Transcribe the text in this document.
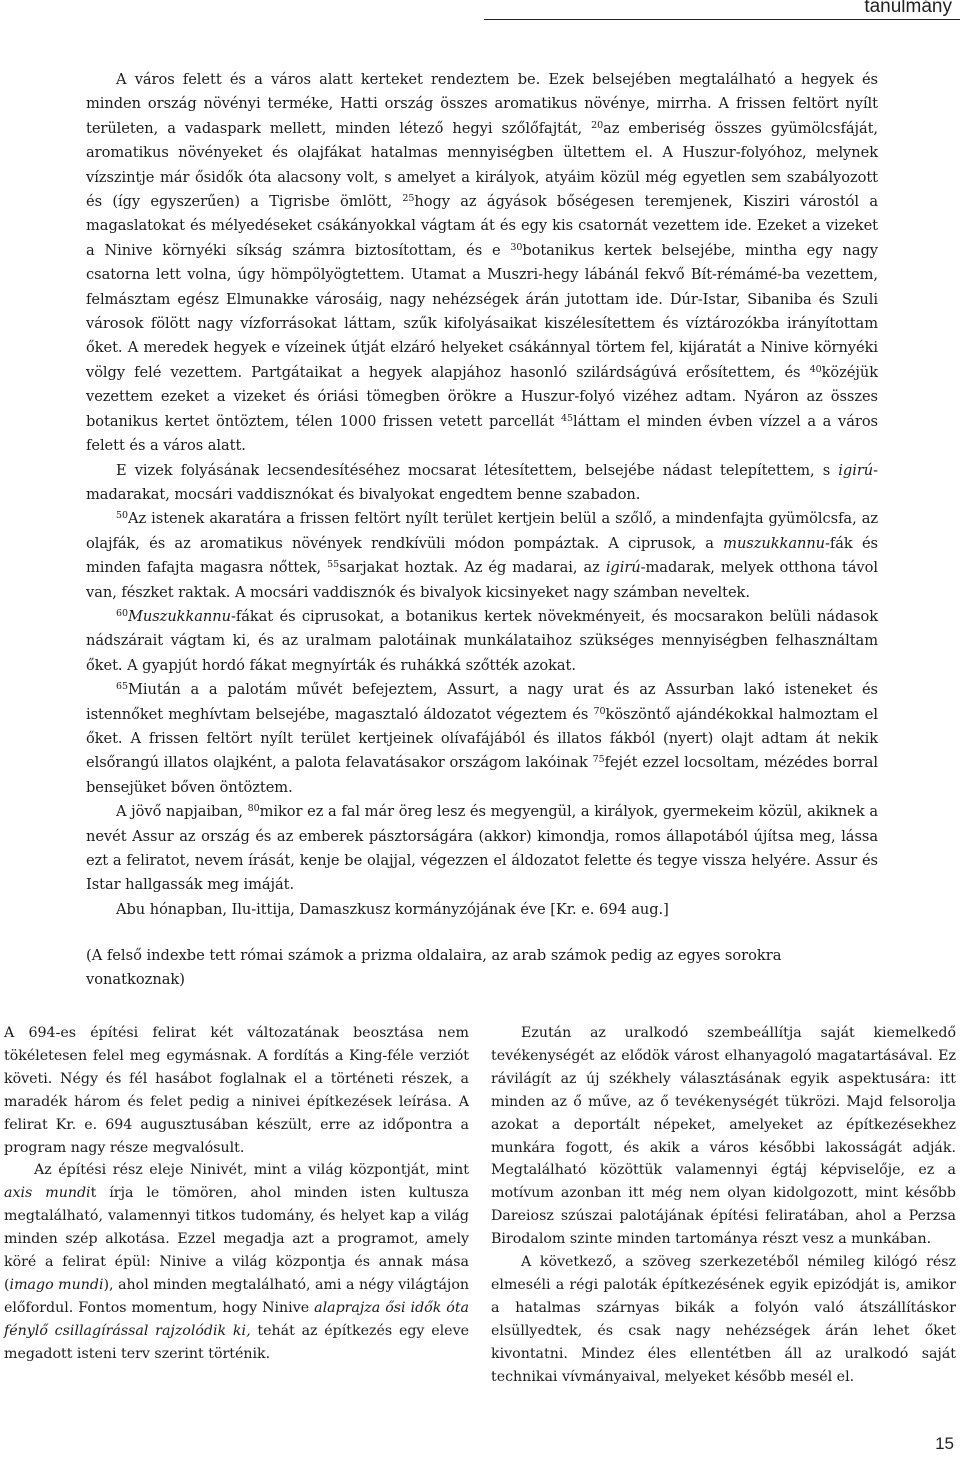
tanulmány

A város felett és a város alatt kerteket rendeztem be. Ezek belsejében megtalálható a hegyek és minden ország növényi terméke, Hatti ország összes aromatikus növénye, mirrha. A frissen feltört nyílt területen, a vadaspark mellett, minden létező hegyi szőlőfajtát, $^{20}$az emberiség összes gyümölcsfáját, aromatikus növényeket és olajfákat hatalmas mennyiségben ültettem el. A Huszur-folyóhoz, melynek vízszintje már ősidők óta alacsony volt, s amelyet a királyok, atyáim közül még egyetlen sem szabályozott és (így egyszerűen) a Tigrisbe ömlött, $^{25}$hogy az ágyások bőségesen teremjenek, Kisziri várostól a magaslatokat és mélyedéseket csákányokkal vágtam át és egy kis csatornát vezettem ide. Ezeket a vizeket a Ninive környéki síkság számra biztosítottam, és e $^{30}$botanikus kertek belsejébe, mintha egy nagy csatorna lett volna, úgy hömpölyögtettem. Utamat a Muszri-hegy lábánál fekvő Bít-rémámé-ba vezettem, felmásztam egész Elmunakke városáig, nagy nehézségek árán jutottam ide. Dúr-Istar, Sibaniba és Szuli városok fölött nagy vízforrásokat láttam, szűk kifolyásaikat kiszélesítettem és víztározókba irányítottam őket. A meredek hegyek e vízeinek útját elzáró helyeket csákánnyal törtem fel, kijáratát a Ninive környéki völgy felé vezettem. Partgátaikat a hegyek alapjához hasonló szilárdságúvá erősítettem, és $^{40}$közéjük vezettem ezeket a vizeket és óriási tömegben örökre a Huszur-folyó vizéhez adtam. Nyáron az összes botanikus kertet öntöztem, télen 1000 frissen vetett parcellát $^{45}$láttam el minden évben vízzel a a város felett és a város alatt.

E vizek folyásának lecsendesítéséhez mocsarat létesítettem, belsejébe nádast telepítettem, s igirú-madarakat, mocsári vaddisznókat és bivalyokat engedtem benne szabadon.

$^{50}$Az istenek akaratára a frissen feltört nyílt terület kertjein belül a szőlő, a mindenfajta gyümölcsfa, az olajfák, és az aromatikus növények rendkívüli módon pompáztak. A ciprusok, a muszukkannu-fák és minden fafajta magasra nőttek, $^{55}$sarjakat hoztak. Az ég madarai, az igirú-madarak, melyek otthona távol van, fészket raktak. A mocsári vaddisznók és bivalyok kicsinyeket nagy számban neveltek.

$^{60}$Muszukkannu-fákat és ciprusokat, a botanikus kertek növekményeit, és mocsarakon belüli nádasok nádszárait vágtam ki, és az uralmam palotáinak munkálataihoz szükséges mennyiségben felhasználtam őket. A gyapjút hordó fákat megnyírták és ruhákká szőtték azokat.

$^{65}$Miután a a palotám művét befejeztem, Assurt, a nagy urat és az Assurban lakó isteneket és istennőket meghívtam belsejébe, magasztaló áldozatot végeztem és $^{70}$köszöntő ajándékokkal halmoztam el őket. A frissen feltört nyílt terület kertjeinek olívafájából és illatos fákból (nyert) olajt adtam át nekik elsőrangú illatos olajként, a palota felavatásakor országom lakóinak $^{75}$fejét ezzel locsoltam, mézédes borral bensejüket bőven öntöztem.

A jövő napjaiban, $^{80}$mikor ez a fal már öreg lesz és megyengül, a királyok, gyermekeim közül, akiknek a nevét Assur az ország és az emberek pásztorságára (akkor) kimondja, romos állapotából újítsa meg, lássa ezt a feliratot, nevem írását, kenje be olajjal, végezzen el áldozatot felette és tegye vissza helyére. Assur és Istar hallgassák meg imáját.

Abu hónapban, Ilu-ittija, Damaszkusz kormányzójának éve [Kr. e. 694 aug.]

(A felső indexbe tett római számok a prizma oldalaira, az arab számok pedig az egyes sorokra vonatkoznak)

A 694-es építési felirat két változatának beosztása nem tökéletesen felel meg egymásnak. A fordítás a King-féle verziót követi. Négy és fél hasábot foglalnak el a történeti részek, a maradék három és felet pedig a ninivei építkezések leírása. A felirat Kr. e. 694 augusztusában készült, erre az időpontra a program nagy része megvalósult.

Az építési rész eleje Ninivét, mint a világ központját, mint axis mundit írja le tömören, ahol minden isten kultusza megtalálható, valamennyi titkos tudomány, és helyet kap a világ minden szép alkotása. Ezzel megadja azt a programot, amely köré a felirat épül: Ninive a világ központja és annak mása (imago mundi), ahol minden megtalálható, ami a négy világtájon előfordul. Fontos momentum, hogy Ninive alaprajza ősi idők óta fénylő csillagírással rajzolódik ki, tehát az építkezés egy eleve megadott isteni terv szerint történik.

Ezután az uralkodó szembeállítja saját kiemelkedő tevékenységét az elődök várost elhanyagoló magatartásával. Ez rávilágít az új székhely választásának egyik aspektusára: itt minden az ő műve, az ő tevékenységét tükrözi. Majd felsorolja azokat a deportált népeket, amelyeket az építkezésekhez munkára fogott, és akik a város későbbi lakosságát adják. Megtalálható közöttük valamennyi égtáj képviselője, ez a motívum azonban itt még nem olyan kidolgozott, mint később Dareiosz szúszai palotájának építési feliratában, ahol a Perzsa Birodalom szinte minden tartománya részt vesz a munkában.

A következő, a szöveg szerkezetéből némileg kilógó rész elmeséli a régi paloták építkezésének egyik epizódját is, amikor a hatalmas szárnyas bikák a folyón való átszállításkor elsüllyedtek, és csak nagy nehézségek árán lehet őket kivontatni. Mindez éles ellentétben áll az uralkodó saját technikai vívmányaival, melyeket később mesél el.

15
